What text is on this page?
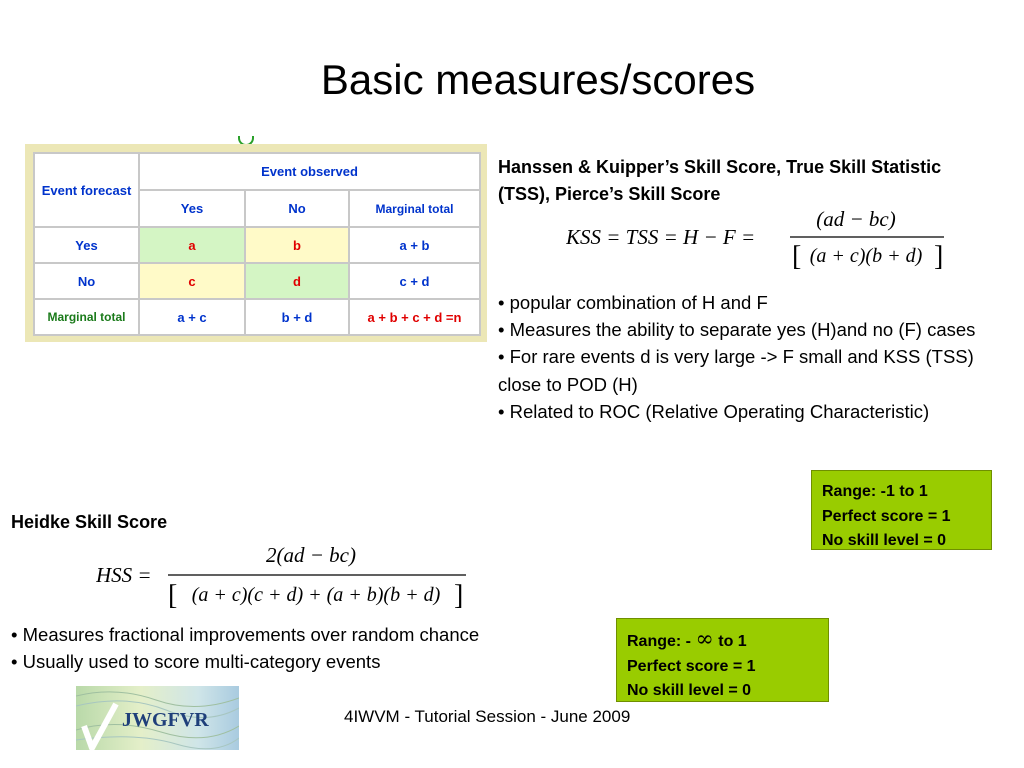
Basic measures/scores
Event forecast	Event observed		
	Yes	No	Marginal total
Yes	a	b	a + b
No	c	d	c + d
Marginal total	a + c	b + d	a + b + c + d =n
Hanssen & Kuipper’s Skill Score, True Skill Statistic (TSS), Pierce’s Skill Score
KSS = TSS = H − F =
(ad − bc)
[ (a + c)(b + d) ]
• popular combination of H and F
• Measures the ability to separate yes (H)and no (F) cases
• For rare events d is very large -> F small and KSS (TSS) close to POD (H)
• Related to ROC (Relative Operating Characteristic)
Range: -1 to 1
Perfect score = 1
No skill level = 0
Heidke Skill Score
HSS =
2(ad − bc)
[ (a + c)(c + d) + (a + b)(b + d) ]
• Measures fractional improvements over random chance
• Usually used to score multi-category events
Range: - ∞ to 1
Perfect score = 1
No skill level = 0
JWGFVR	4IWVM - Tutorial Session - June 2009
